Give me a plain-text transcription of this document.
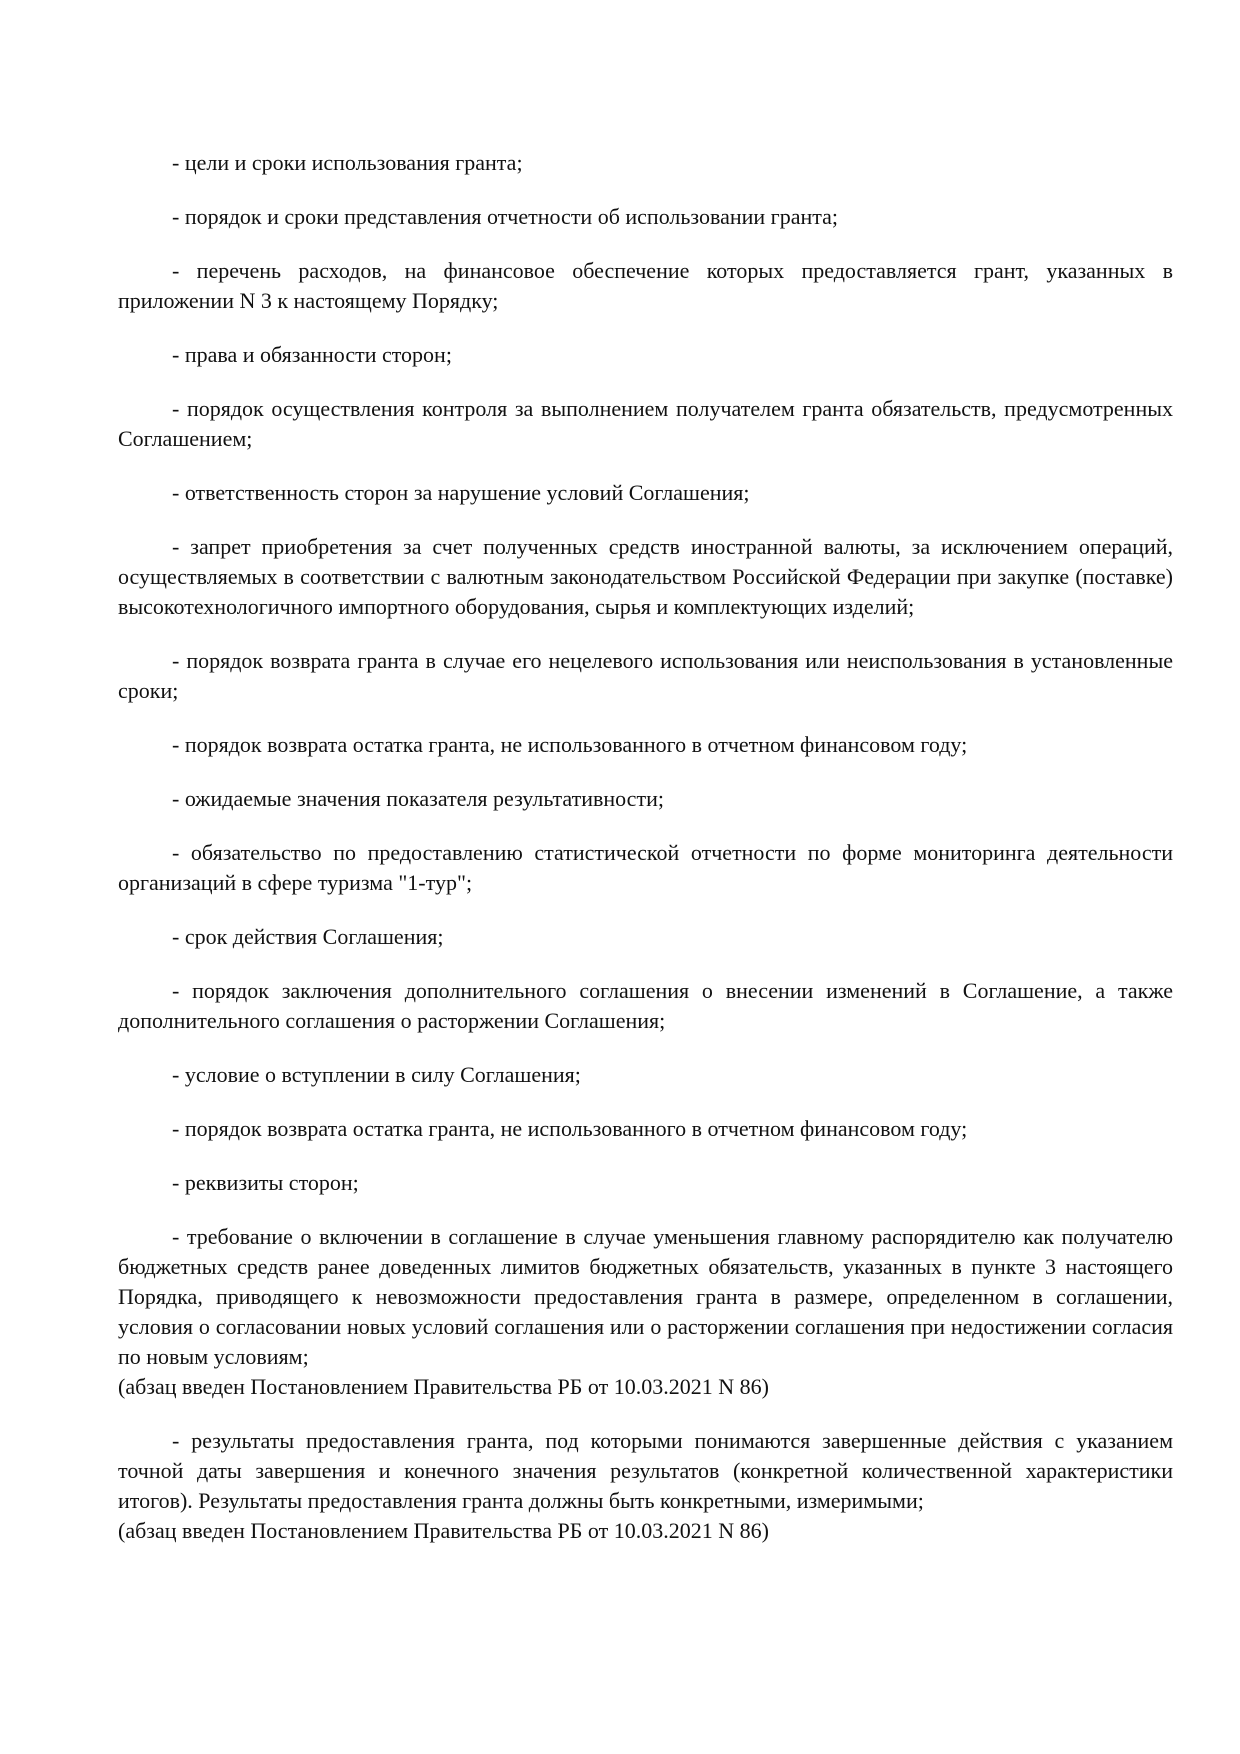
- цели и сроки использования гранта;

- порядок и сроки представления отчетности об использовании гранта;

- перечень расходов, на финансовое обеспечение которых предоставляется грант, указанных в приложении N 3 к настоящему Порядку;

- права и обязанности сторон;

- порядок осуществления контроля за выполнением получателем гранта обязательств, предусмотренных Соглашением;

- ответственность сторон за нарушение условий Соглашения;

- запрет приобретения за счет полученных средств иностранной валюты, за исключением операций, осуществляемых в соответствии с валютным законодательством Российской Федерации при закупке (поставке) высокотехнологичного импортного оборудования, сырья и комплектующих изделий;

- порядок возврата гранта в случае его нецелевого использования или неиспользования в установленные сроки;

- порядок возврата остатка гранта, не использованного в отчетном финансовом году;

- ожидаемые значения показателя результативности;

- обязательство по предоставлению статистической отчетности по форме мониторинга деятельности организаций в сфере туризма "1-тур";

- срок действия Соглашения;

- порядок заключения дополнительного соглашения о внесении изменений в Соглашение, а также дополнительного соглашения о расторжении Соглашения;

- условие о вступлении в силу Соглашения;

- порядок возврата остатка гранта, не использованного в отчетном финансовом году;

- реквизиты сторон;

- требование о включении в соглашение в случае уменьшения главному распорядителю как получателю бюджетных средств ранее доведенных лимитов бюджетных обязательств, указанных в пункте 3 настоящего Порядка, приводящего к невозможности предоставления гранта в размере, определенном в соглашении, условия о согласовании новых условий соглашения или о расторжении соглашения при недостижении согласия по новым условиям;
(абзац введен Постановлением Правительства РБ от 10.03.2021 N 86)

- результаты предоставления гранта, под которыми понимаются завершенные действия с указанием точной даты завершения и конечного значения результатов (конкретной количественной характеристики итогов). Результаты предоставления гранта должны быть конкретными, измеримыми;
(абзац введен Постановлением Правительства РБ от 10.03.2021 N 86)
